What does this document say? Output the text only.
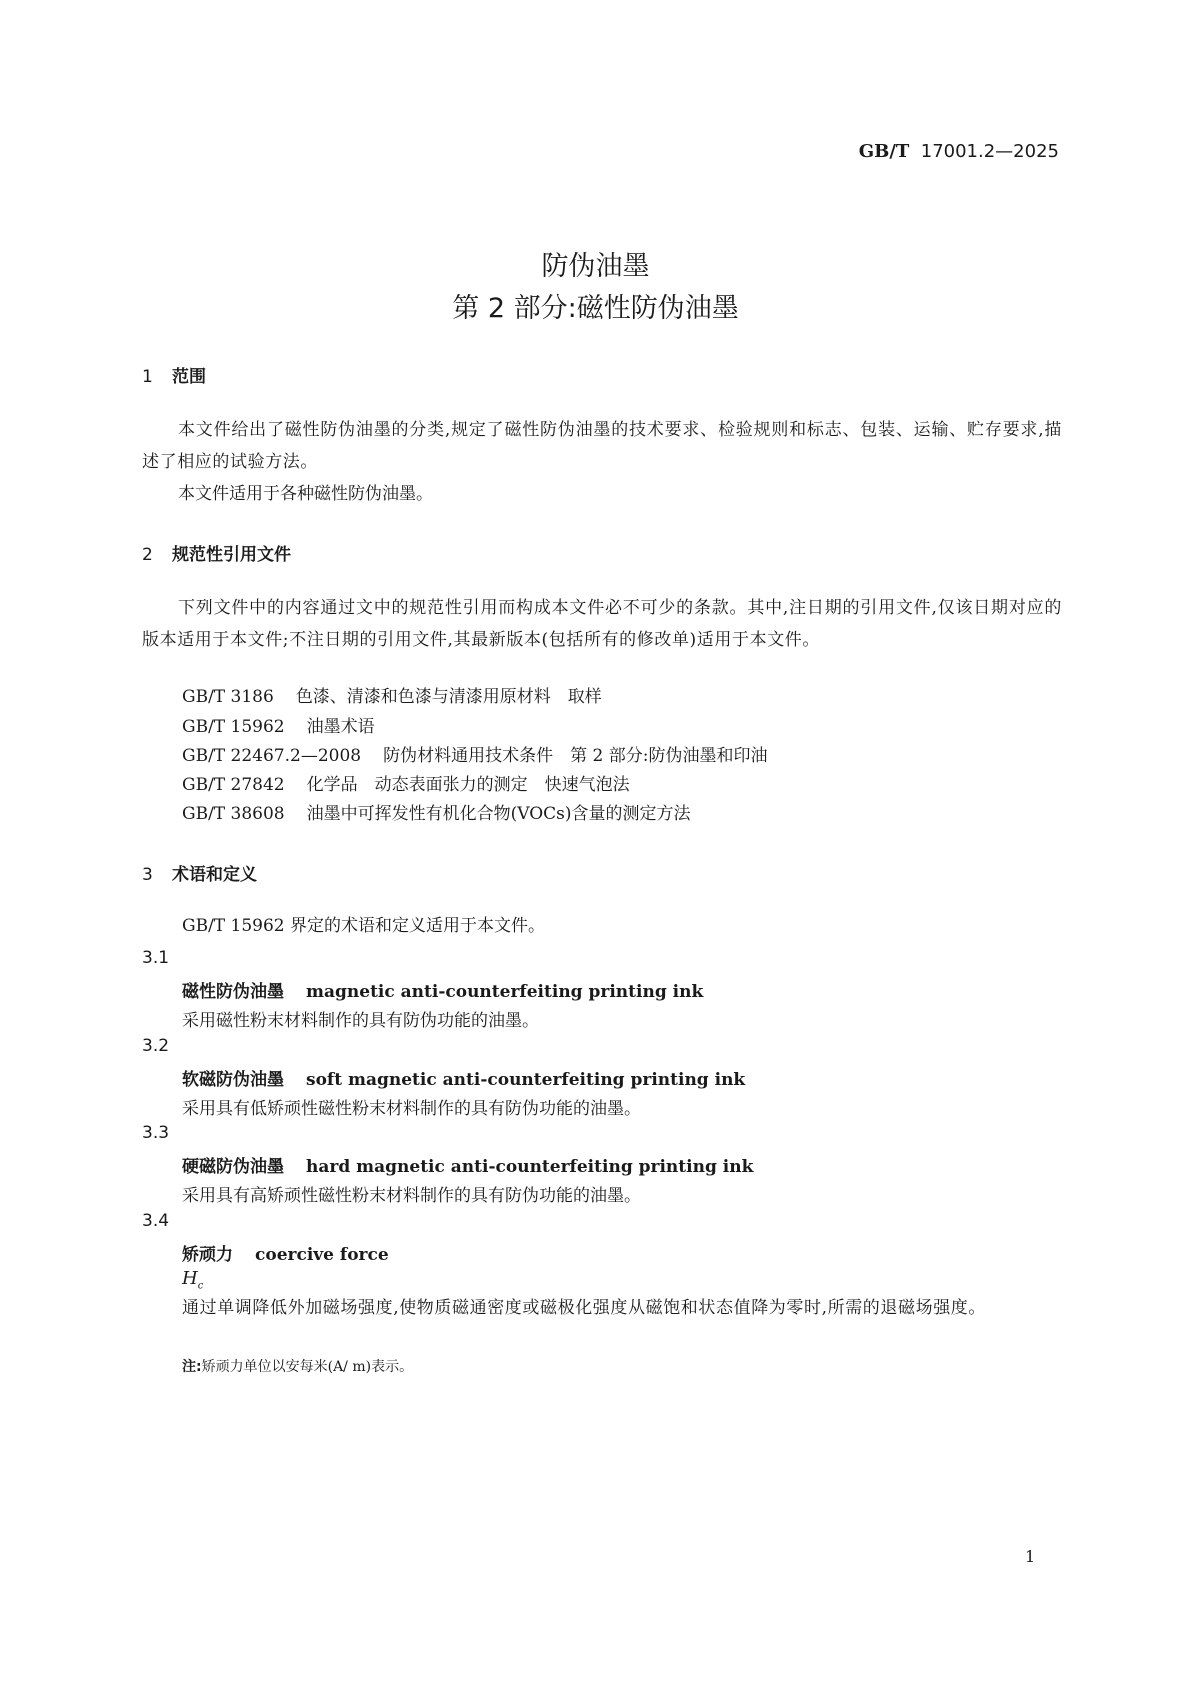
GB/T 17001.2—2025
防伪油墨
第 2 部分:磁性防伪油墨
1 范围
本文件给出了磁性防伪油墨的分类,规定了磁性防伪油墨的技术要求、检验规则和标志、包装、运输、贮存要求,描述了相应的试验方法。
本文件适用于各种磁性防伪油墨。
2 规范性引用文件
下列文件中的内容通过文中的规范性引用而构成本文件必不可少的条款。其中,注日期的引用文件,仅该日期对应的版本适用于本文件;不注日期的引用文件,其最新版本(包括所有的修改单)适用于本文件。
GB/T 3186 色漆、清漆和色漆与清漆用原材料　取样
GB/T 15962 油墨术语
GB/T 22467.2—2008 防伪材料通用技术条件　第 2 部分:防伪油墨和印油
GB/T 27842 化学品　动态表面张力的测定　快速气泡法
GB/T 38608 油墨中可挥发性有机化合物(VOCs)含量的测定方法
3 术语和定义
GB/T 15962 界定的术语和定义适用于本文件。
3.1
磁性防伪油墨 magnetic anti-counterfeiting printing ink
采用磁性粉末材料制作的具有防伪功能的油墨。
3.2
软磁防伪油墨 soft magnetic anti-counterfeiting printing ink
采用具有低矫顽性磁性粉末材料制作的具有防伪功能的油墨。
3.3
硬磁防伪油墨 hard magnetic anti-counterfeiting printing ink
采用具有高矫顽性磁性粉末材料制作的具有防伪功能的油墨。
3.4
矫顽力 coercive force
$H_c$
通过单调降低外加磁场强度,使物质磁通密度或磁极化强度从磁饱和状态值降为零时,所需的退磁场强度。
注:矫顽力单位以安每米(A/ m)表示。
1
